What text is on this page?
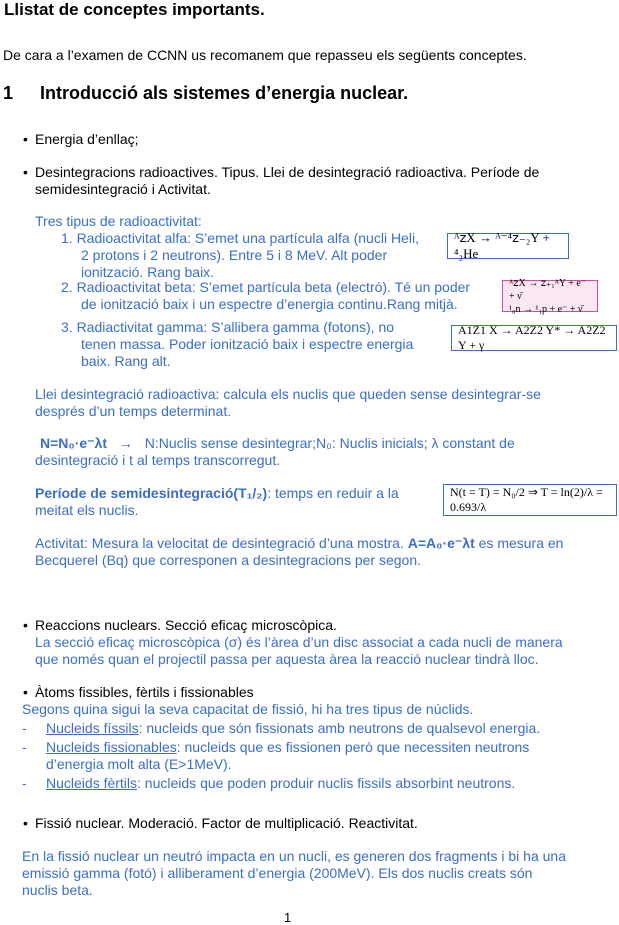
Llistat de conceptes importants.
De cara a l’examen de CCNN us recomanem que repasseu els següents conceptes.
1 Introducció als sistemes d’energia nuclear.
• Energia d’enllaç;
• Desintegracions radioactives. Tipus. Llei de desintegració radioactiva. Període de
semidesintegració i Activitat.
Tres tipus de radioactivitat:
1. Radioactivitat alfa: S’emet una partícula alfa (nucli Heli,
2 protons i 2 neutrons). Entre 5 i 8 MeV. Alt poder
ionització. Rang baix.
2. Radioactivitat beta: S’emet partícula beta (electró). Té un poder
de ionització baix i un espectre d’energia continu.Rang mitjà.
3. Radiactivitat gamma: S’allibera gamma (fotons), no
tenen massa. Poder ionització baix i espectre energia
baix. Rang alt.
ᴬ𝗓X → ᴬ⁻⁴𝗓₋₂Y + ⁴₂He
ᴬ𝗓X → 𝗓₊₁ᴬY + e⁻ + ν̄
¹₀n → ¹₁p + e⁻ + ν̄
A1Z1 X → A2Z2 Y* → A2Z2 Y + γ
Llei desintegració radioactiva: calcula els nuclis que queden sense desintegrar-se
després d’un temps determinat.
N=N₀·e⁻λt → N:Nuclis sense desintegrar;N₀: Nuclis inicials; λ constant de
desintegració i t al temps transcorregut.
Període de semidesintegració(T₁/₂): temps en reduir a la
meitat els nuclis.
N(t = T) = N₀/2 ⇒ T = ln(2)/λ = 0.693/λ
Activitat: Mesura la velocitat de desintegració d’una mostra. A=A₀·e⁻λt es mesura en
Becquerel (Bq) que corresponen a desintegracions per segon.
• Reaccions nuclears. Secció eficaç microscòpica.
La secció eficaç microscòpica (σ) és l’àrea d’un disc associat a cada nucli de manera
que només quan el projectil passa per aquesta àrea la reacció nuclear tindrà lloc.
• Àtoms fissibles, fèrtils i fissionables
Segons quina sigui la seva capacitat de fissió, hi ha tres tipus de núclids.
- Nucleids físsils: nucleids que són fissionats amb neutrons de qualsevol energia.
- Nucleids fissionables: nucleids que es fissionen però que necessiten neutrons
d’energia molt alta (E>1MeV).
- Nucleids fèrtils: nucleids que poden produir nuclis fissils absorbint neutrons.
• Fissió nuclear. Moderació. Factor de multiplicació. Reactivitat.
En la fissió nuclear un neutró impacta en un nucli, es generen dos fragments i bi ha una
emissió gamma (fotó) i alliberament d’energia (200MeV). Els dos nuclis creats són
nuclis beta.
1
